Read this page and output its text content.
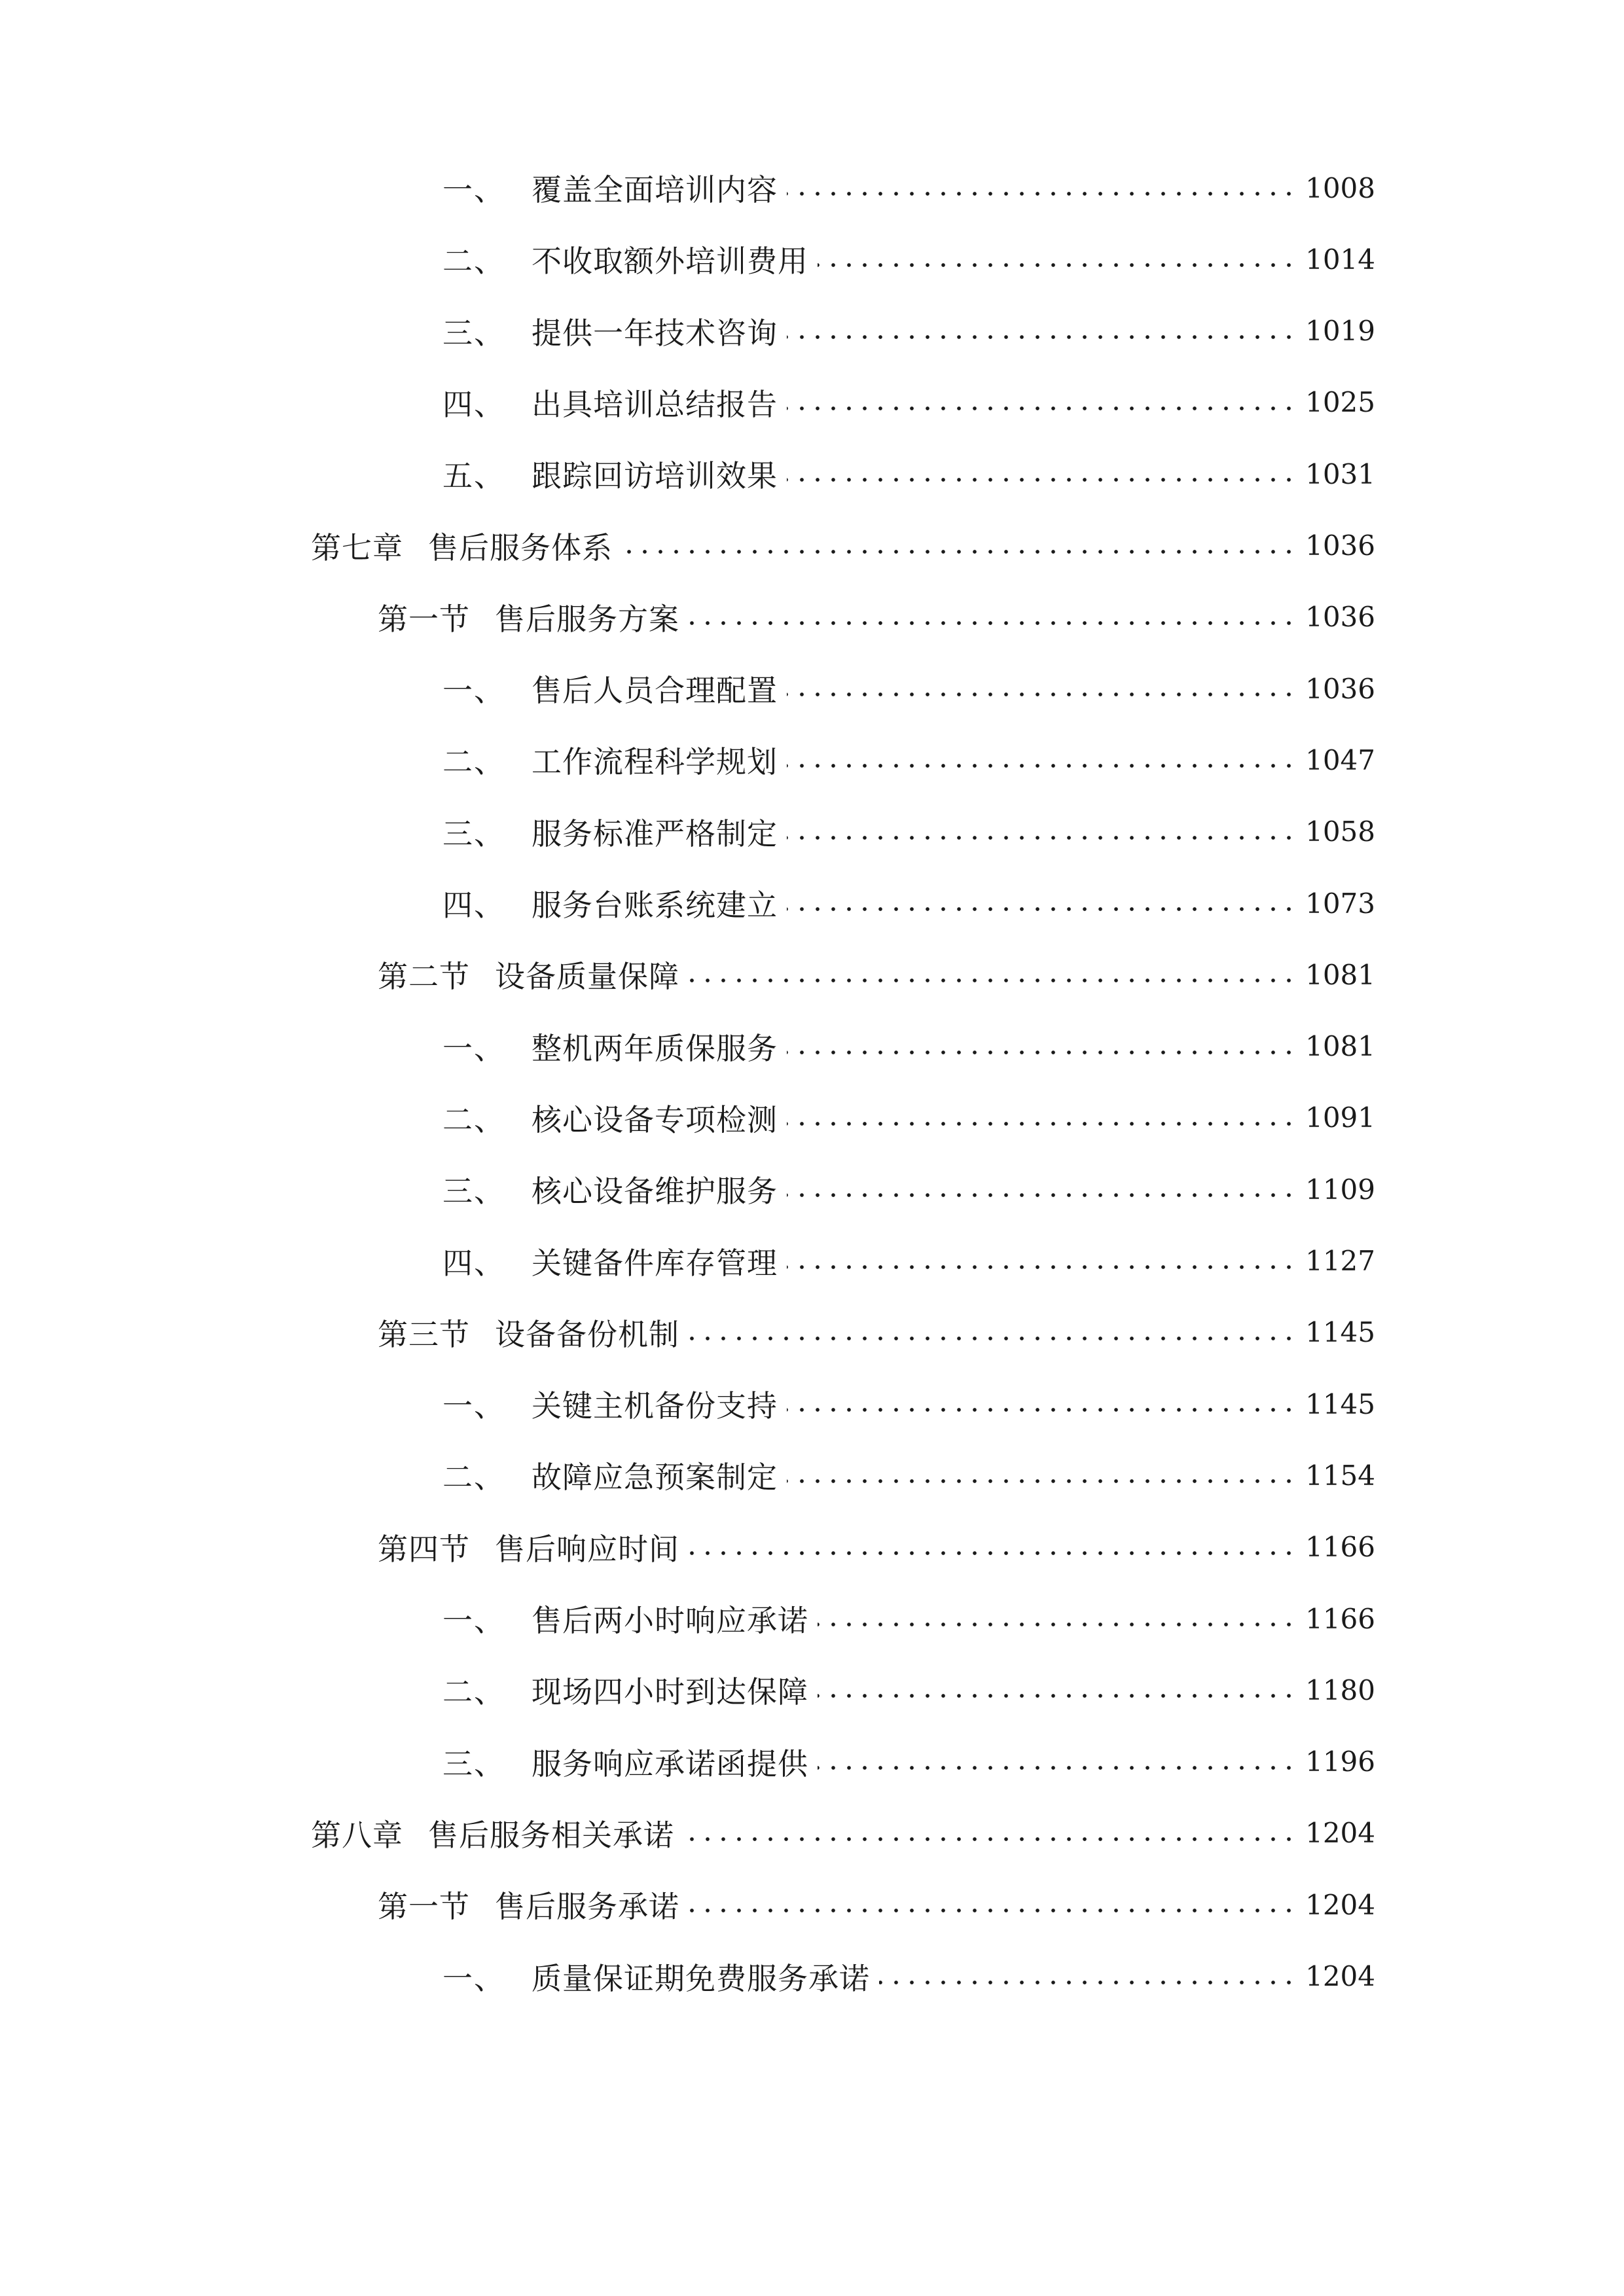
一、 覆盖全面培训内容	1008
二、 不收取额外培训费用	1014
三、 提供一年技术咨询	1019
四、 出具培训总结报告	1025
五、 跟踪回访培训效果	1031
第七章 售后服务体系	1036
第一节 售后服务方案	1036
一、 售后人员合理配置	1036
二、 工作流程科学规划	1047
三、 服务标准严格制定	1058
四、 服务台账系统建立	1073
第二节 设备质量保障	1081
一、 整机两年质保服务	1081
二、 核心设备专项检测	1091
三、 核心设备维护服务	1109
四、 关键备件库存管理	1127
第三节 设备备份机制	1145
一、 关键主机备份支持	1145
二、 故障应急预案制定	1154
第四节 售后响应时间	1166
一、 售后两小时响应承诺	1166
二、 现场四小时到达保障	1180
三、 服务响应承诺函提供	1196
第八章 售后服务相关承诺	1204
第一节 售后服务承诺	1204
一、 质量保证期免费服务承诺	1204
